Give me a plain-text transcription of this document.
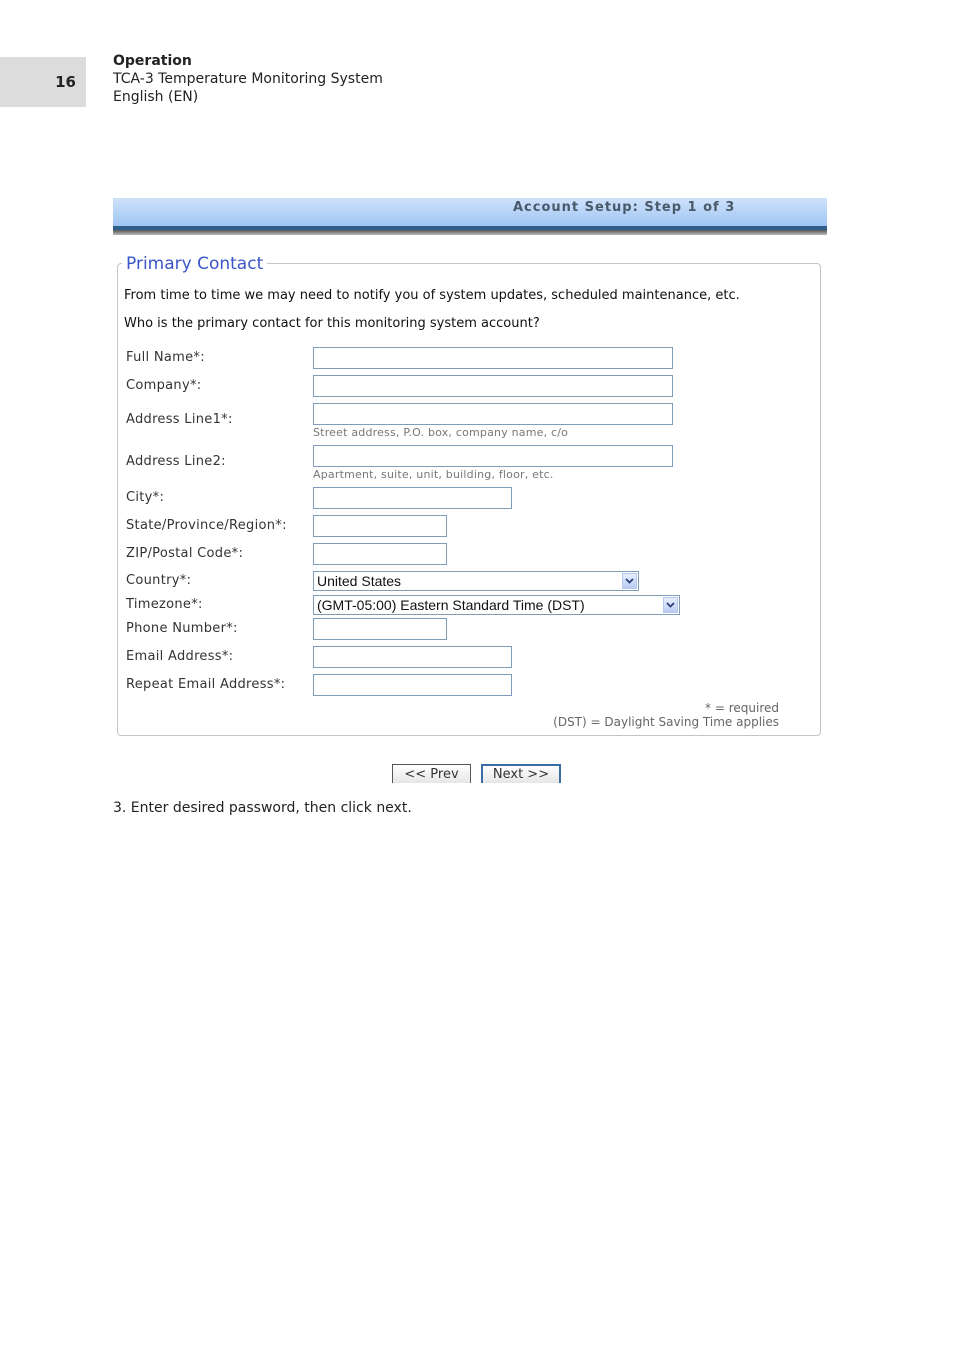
16
Operation
TCA-3 Temperature Monitoring System
English (EN)
Account Setup: Step 1 of 3
Primary Contact
From time to time we may need to notify you of system updates, scheduled maintenance, etc.
Who is the primary contact for this monitoring system account?
Full Name*:
Company*:
Address Line1*:
Street address, P.O. box, company name, c/o
Address Line2:
Apartment, suite, unit, building, floor, etc.
City*:
State/Province/Region*:
ZIP/Postal Code*:
Country*:	United States
Timezone*:	(GMT-05:00) Eastern Standard Time (DST)
Phone Number*:
Email Address*:
Repeat Email Address*:
* = required
(DST) = Daylight Saving Time applies
<< Prev	Next >>
3. Enter desired password, then click next.
